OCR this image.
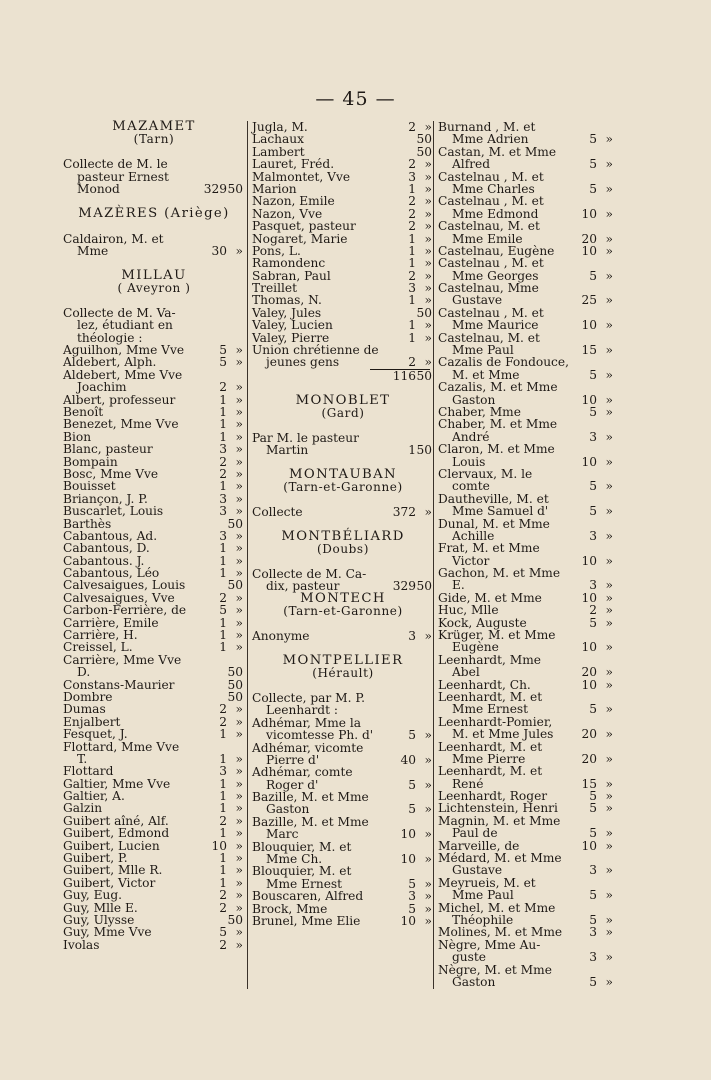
— 45 —
MAZAMET
(Tarn)
Collecte de M. le
pasteur Ernest
Monod	329 50
MAZÈRES (Ariège)
Caldairon, M. et
Mme	30 »
MILLAU
( Aveyron )
Collecte de M. Va-
lez, étudiant en
théologie :
Aguilhon, Mme Vve	5 »
Aldebert, Alph.	5 »
Aldebert, Mme Vve
Joachim	2 »
Albert, professeur	1 »
Benoît	1 »
Benezet, Mme Vve	1 »
Bion	1 »
Blanc, pasteur	3 »
Bompain	2 »
Bosc, Mme Vve	2 »
Bouisset	1 »
Briançon, J. P.	3 »
Buscarlet, Louis	3 »
Barthès	50
Cabantous, Ad.	3 »
Cabantous, D.	1 »
Cabantous. J.	1 »
Cabantous, Léo	1 »
Calvesaigues, Louis	50
Calvesaigues, Vve	2 »
Carbon-Ferrière, de	5 »
Carrière, Emile	1 »
Carrière, H.	1 »
Creissel, L.	1 »
Carrière, Mme Vve
D.	50
Constans-Maurier	50
Dombre	50
Dumas	2 »
Enjalbert	2 »
Fesquet, J.	1 »
Flottard, Mme Vve
T.	1 »
Flottard	3 »
Galtier, Mme Vve	1 »
Galtier, A.	1 »
Galzin	1 »
Guibert aîné, Alf.	2 »
Guibert, Edmond	1 »
Guibert, Lucien	10 »
Guibert, P.	1 »
Guibert, Mlle R.	1 »
Guibert, Victor	1 »
Guy, Eug.	2 »
Guy, Mlle E.	2 »
Guy, Ulysse	50
Guy, Mme Vve	5 »
Ivolas	2 »
Jugla, M.	2 »
Lachaux	50
Lambert	50
Lauret, Fréd.	2 »
Malmontet, Vve	3 »
Marion	1 »
Nazon, Emile	2 »
Nazon, Vve	2 »
Pasquet, pasteur	2 »
Nogaret, Marie	1 »
Pons, L.	1 »
Ramondenc	1 »
Sabran, Paul	2 »
Treillet	3 »
Thomas, N.	1 »
Valey, Jules	50
Valey, Lucien	1 »
Valey, Pierre	1 »
Union chrétienne de
jeunes gens	2 »
116 50
MONOBLET
(Gard)
Par M. le pasteur
Martin	1 50
MONTAUBAN
(Tarn-et-Garonne)
Collecte	372 »
MONTBÉLIARD
(Doubs)
Collecte de M. Ca-
dix, pasteur	329 50
MONTECH
(Tarn-et-Garonne)
Anonyme	3 »
MONTPELLIER
(Hérault)
Collecte, par M. P.
Leenhardt :
Adhémar, Mme la
vicomtesse Ph. d'	5 »
Adhémar, vicomte
Pierre d'	40 »
Adhémar, comte
Roger d'	5 »
Bazille, M. et Mme
Gaston	5 »
Bazille, M. et Mme
Marc	10 »
Blouquier, M. et
Mme Ch.	10 »
Blouquier, M. et
Mme Ernest	5 »
Bouscaren, Alfred	3 »
Brock, Mme	5 »
Brunel, Mme Elie	10 »
Burnand , M. et
Mme Adrien	5 »
Castan, M. et Mme
Alfred	5 »
Castelnau , M. et
Mme Charles	5 »
Castelnau , M. et
Mme Edmond	10 »
Castelnau, M. et
Mme Emile	20 »
Castelnau, Eugène 10 »
Castelnau , M. et
Mme Georges	5 »
Castelnau, Mme
Gustave	25 »
Castelnau , M. et
Mme Maurice	10 »
Castelnau, M. et
Mme Paul	15 »
Cazalis de Fondouce,
M. et Mme	5 »
Cazalis, M. et Mme
Gaston	10 »
Chaber, Mme	5 »
Chaber, M. et Mme
André	3 »
Claron, M. et Mme
Louis	10 »
Clervaux, M. le
comte	5 »
Dautheville, M. et
Mme Samuel d'	5 »
Dunal, M. et Mme
Achille	3 »
Frat, M. et Mme
Victor	10 »
Gachon, M. et Mme
E.	3 »
Gide, M. et Mme	10 »
Huc, Mlle	2 »
Kock, Auguste	5 »
Krüger, M. et Mme
Eugène	10 »
Leenhardt, Mme
Abel	20 »
Leenhardt, Ch.	10 »
Leenhardt, M. et
Mme Ernest	5 »
Leenhardt-Pomier,
M. et Mme Jules 20 »
Leenhardt, M. et
Mme Pierre	20 »
Leenhardt, M. et
René	15 »
Leenhardt, Roger	5 »
Lichtenstein, Henri	5 »
Magnin, M. et Mme
Paul de	5 »
Marveille, de	10 »
Médard, M. et Mme
Gustave	3 »
Meyrueis, M. et
Mme Paul	5 »
Michel, M. et Mme
Théophile	5 »
Molines, M. et Mme 3 »
Nègre, Mme Au-
guste	3 »
Nègre, M. et Mme
Gaston	5 »
